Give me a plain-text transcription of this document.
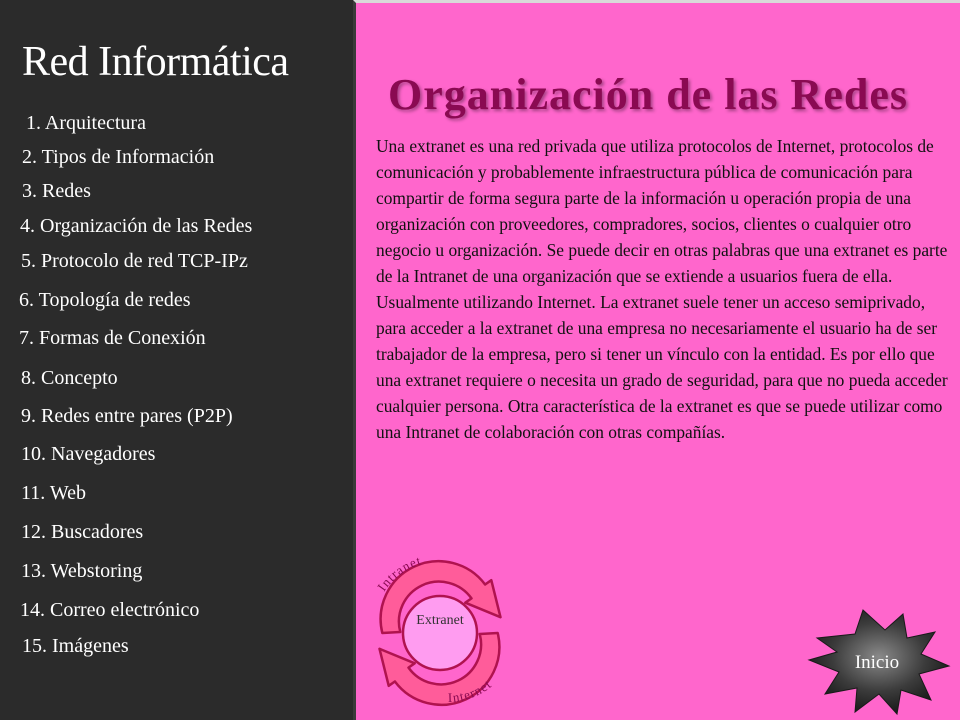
Red Informática
1. Arquitectura
2. Tipos de Información
3. Redes
4. Organización de las Redes
5. Protocolo de red TCP-IPz
6. Topología de redes
7. Formas de Conexión
8. Concepto
9. Redes entre pares (P2P)
10. Navegadores
11. Web
12. Buscadores
13. Webstoring
14. Correo electrónico
15. Imágenes
Organización de las Redes
Una extranet es una red privada que utiliza protocolos de Internet, protocolos de comunicación y probablemente infraestructura pública de comunicación para compartir de forma segura parte de la información u operación propia de una organización con proveedores, compradores, socios, clientes o cualquier otro negocio u organización. Se puede decir en otras palabras que una extranet es parte de la Intranet de una organización que se extiende a usuarios fuera de ella. Usualmente utilizando Internet. La extranet suele tener un acceso semiprivado, para acceder a la extranet de una empresa no necesariamente el usuario ha de ser trabajador de la empresa, pero si tener un vínculo con la entidad. Es por ello que una extranet requiere o necesita un grado de seguridad, para que no pueda acceder cualquier persona. Otra característica de la extranet es que se puede utilizar como una Intranet de colaboración con otras compañías.
Extranet
Intranet
Internet
Inicio
